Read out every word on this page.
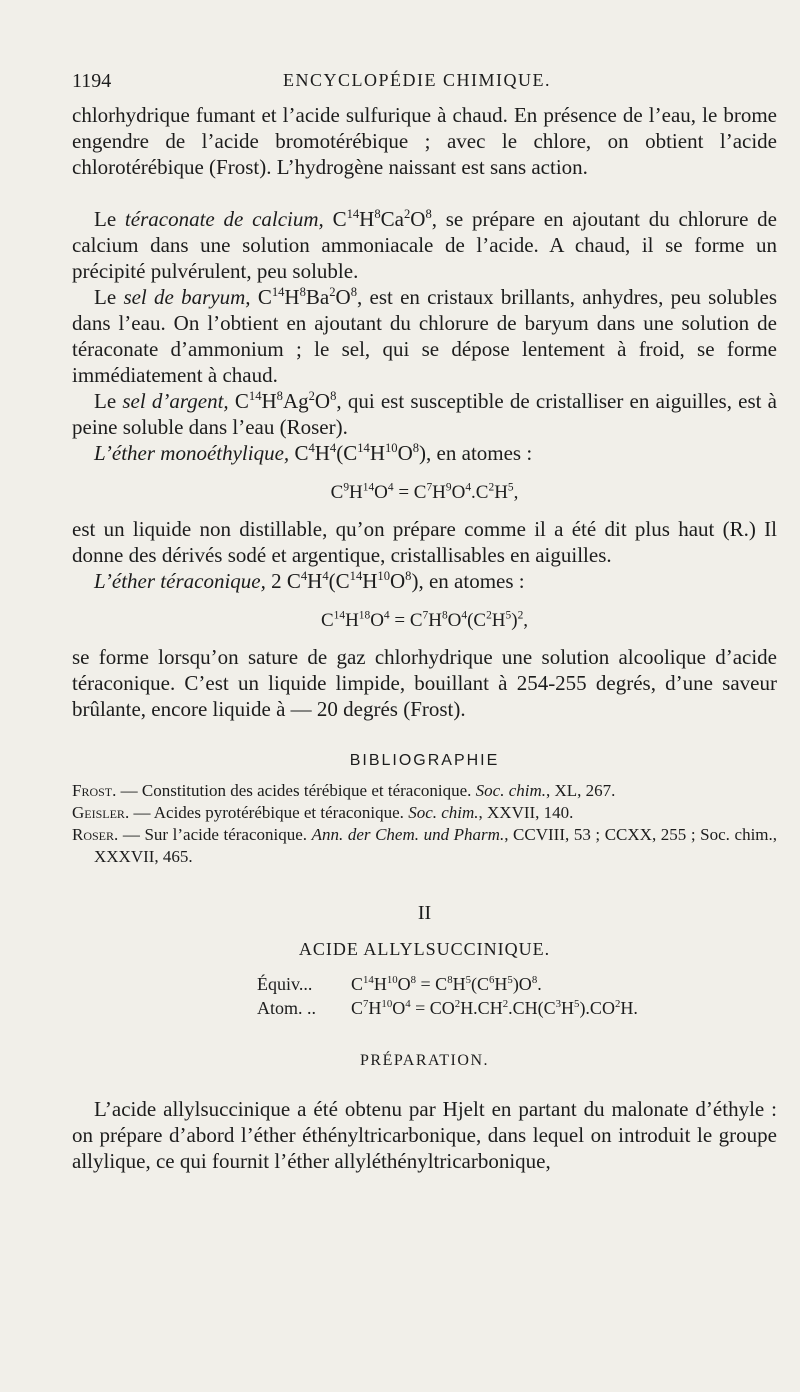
1194	ENCYCLOPÉDIE CHIMIQUE.

chlorhydrique fumant et l’acide sulfurique à chaud. En présence de l’eau, le brome engendre de l’acide bromotérébique ; avec le chlore, on obtient l’acide chlorotérébique (Frost). L’hydrogène naissant est sans action.

Le téraconate de calcium, $C^{14}H^8Ca^2O^8$, se prépare en ajoutant du chlorure de calcium dans une solution ammoniacale de l’acide. A chaud, il se forme un précipité pulvérulent, peu soluble.

Le sel de baryum, $C^{14}H^8Ba^2O^8$, est en cristaux brillants, anhydres, peu solubles dans l’eau. On l’obtient en ajoutant du chlorure de baryum dans une solution de téraconate d’ammonium ; le sel, qui se dépose lentement à froid, se forme immédiatement à chaud.

Le sel d’argent, $C^{14}H^8Ag^2O^8$, qui est susceptible de cristalliser en aiguilles, est à peine soluble dans l’eau (Roser).

L’éther monoéthylique, $C^4H^4(C^{14}H^{10}O^8)$, en atomes :

$C^9H^{14}O^4 = C^7H^9O^4.C^2H^5$,

est un liquide non distillable, qu’on prépare comme il a été dit plus haut (R.) Il donne des dérivés sodé et argentique, cristallisables en aiguilles.

L’éther téraconique, 2 $C^4H^4(C^{14}H^{10}O^8)$, en atomes :

$C^{14}H^{18}O^4 = C^7H^8O^4(C^2H^5)^2$,

se forme lorsqu’on sature de gaz chlorhydrique une solution alcoolique d’acide téraconique. C’est un liquide limpide, bouillant à 254-255 degrés, d’une saveur brûlante, encore liquide à — 20 degrés (Frost).

BIBLIOGRAPHIE

Frost. — Constitution des acides térébique et téraconique. Soc. chim., XL, 267.

Geisler. — Acides pyrotérébique et téraconique. Soc. chim., XXVII, 140.

Roser. — Sur l’acide téraconique. Ann. der Chem. und Pharm., CCVIII, 53 ; CCXX, 255 ; Soc. chim., XXXVII, 465.

II
ACIDE ALLYLSUCCINIQUE.
Équiv...	$C^{14}H^{10}O^8 = C^8H^5(C^6H^5)O^8$.
Atom. ..	$C^7H^{10}O^4 = CO^2H.CH^2.CH(C^3H^5).CO^2H$.
PRÉPARATION.

L’acide allylsuccinique a été obtenu par Hjelt en partant du malonate d’éthyle : on prépare d’abord l’éther éthényltricarbonique, dans lequel on introduit le groupe allylique, ce qui fournit l’éther allyléthényltricarbonique,
